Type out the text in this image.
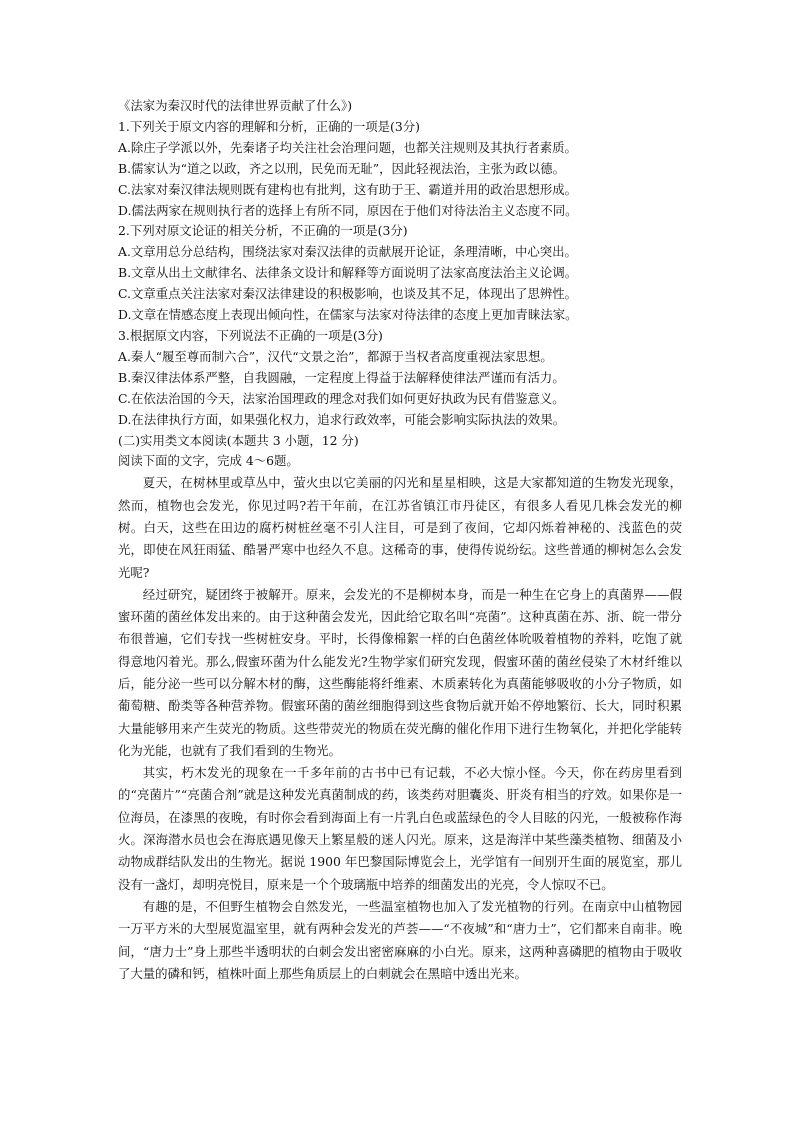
《法家为秦汉时代的法律世界贡献了什么》)

1.下列关于原文内容的理解和分析，正确的一项是(3分)

A.除庄子学派以外，先秦诸子均关注社会治理问题，也都关注规则及其执行者素质。

B.儒家认为“道之以政，齐之以刑，民免而无耻”，因此轻视法治，主张为政以德。

C.法家对秦汉律法规则既有建构也有批判，这有助于王、霸道并用的政治思想形成。

D.儒法两家在规则执行者的选择上有所不同，原因在于他们对待法治主义态度不同。

2.下列对原文论证的相关分析，不正确的一项是(3分)

A.文章用总分总结构，围绕法家对秦汉法律的贡献展开论证，条理清晰，中心突出。

B.文章从出土文献律名、法律条文设计和解释等方面说明了法家高度法治主义论调。

C.文章重点关注法家对秦汉法律建设的积极影响，也谈及其不足，体现出了思辨性。

D.文章在情感态度上表现出倾向性，在儒家与法家对待法律的态度上更加青睐法家。

3.根据原文内容，下列说法不正确的一项是(3分)

A.秦人“履至尊而制六合”，汉代“文景之治”，都源于当权者高度重视法家思想。

B.秦汉律法体系严整，自我圆融，一定程度上得益于法解释使律法严谨而有活力。

C.在依法治国的今天，法家治国理政的理念对我们如何更好执政为民有借鉴意义。

D.在法律执行方面，如果强化权力，追求行政效率，可能会影响实际执法的效果。

(二)实用类文本阅读(本题共 3 小题，12 分)

阅读下面的文字，完成 4～6题。

夏天，在树林里或草丛中，萤火虫以它美丽的闪光和星星相映，这是大家都知道的生物发光现象，然而，植物也会发光，你见过吗?若干年前，在江苏省镇江市丹徒区，有很多人看见几株会发光的柳树。白天，这些在田边的腐朽树桩丝毫不引人注目，可是到了夜间，它却闪烁着神秘的、浅蓝色的荧光，即使在风狂雨猛、酷暑严寒中也经久不息。这稀奇的事，使得传说纷纭。这些普通的柳树怎么会发光呢?

经过研究，疑团终于被解开。原来，会发光的不是柳树本身，而是一种生在它身上的真菌界——假蜜环菌的菌丝体发出来的。由于这种菌会发光，因此给它取名叫“亮菌”。这种真菌在苏、浙、皖一带分布很普遍，它们专找一些树桩安身。平时，长得像棉絮一样的白色菌丝体吮吸着植物的养料，吃饱了就得意地闪着光。那么,假蜜环菌为什么能发光?生物学家们研究发现，假蜜环菌的菌丝侵染了木材纤维以后，能分泌一些可以分解木材的酶，这些酶能将纤维素、木质素转化为真菌能够吸收的小分子物质，如葡萄糖、酚类等各种营养物。假蜜环菌的菌丝细胞得到这些食物后就开始不停地繁衍、长大，同时积累大量能够用来产生荧光的物质。这些带荧光的物质在荧光酶的催化作用下进行生物氧化，并把化学能转化为光能，也就有了我们看到的生物光。

其实，朽木发光的现象在一千多年前的古书中已有记载，不必大惊小怪。今天，你在药房里看到的“亮菌片”“亮菌合剂”就是这种发光真菌制成的药，该类药对胆囊炎、肝炎有相当的疗效。如果你是一位海员，在漆黑的夜晚，有时你会看到海面上有一片乳白色或蓝绿色的令人目眩的闪光，一般被称作海火。深海潜水员也会在海底遇见像天上繁星般的迷人闪光。原来，这是海洋中某些藻类植物、细菌及小动物成群结队发出的生物光。据说 1900 年巴黎国际博览会上，光学馆有一间别开生面的展览室，那儿没有一盏灯，却明亮悦目，原来是一个个玻璃瓶中培养的细菌发出的光亮，令人惊叹不已。

有趣的是，不但野生植物会自然发光，一些温室植物也加入了发光植物的行列。在南京中山植物园一万平方米的大型展览温室里，就有两种会发光的芦荟——“不夜城”和“唐力士”，它们都来自南非。晚间，“唐力士”身上那些半透明状的白刺会发出密密麻麻的小白光。原来，这两种喜磷肥的植物由于吸收了大量的磷和钙，植株叶面上那些角质层上的白刺就会在黑暗中透出光来。
